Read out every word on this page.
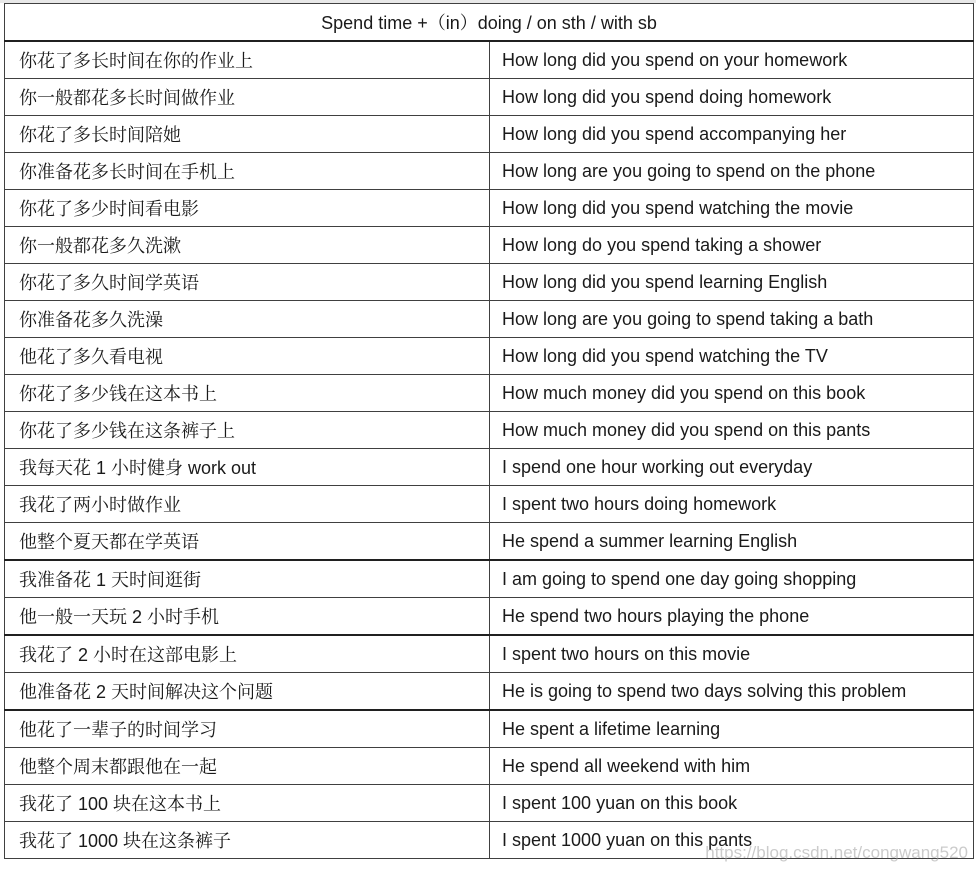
Spend time +（in）doing / on sth / with sb	
你花了多长时间在你的作业上	How long did you spend on your homework
你一般都花多长时间做作业	How long did you spend doing homework
你花了多长时间陪她	How long did you spend accompanying her
你准备花多长时间在手机上	How long are you going to spend on the phone
你花了多少时间看电影	How long did you spend watching the movie
你一般都花多久洗漱	How long do you spend taking a shower
你花了多久时间学英语	How long did you spend learning English
你准备花多久洗澡	How long are you going to spend taking a bath
他花了多久看电视	How long did you spend watching the TV
你花了多少钱在这本书上	How much money did you spend on this book
你花了多少钱在这条裤子上	How much money did you spend on this pants
我每天花 1 小时健身 work out	I spend one hour working out everyday
我花了两小时做作业	I spent two hours doing homework
他整个夏天都在学英语	He spend a summer learning English
我准备花 1 天时间逛街	I am going to spend one day going shopping
他一般一天玩 2 小时手机	He spend two hours playing the phone
我花了 2 小时在这部电影上	I spent two hours on this movie
他准备花 2 天时间解决这个问题	He is going to spend two days solving this problem
他花了一辈子的时间学习	He spent a lifetime learning
他整个周末都跟他在一起	He spend all weekend with him
我花了 100 块在这本书上	I spent 100 yuan on this book
我花了 1000 块在这条裤子	I spent 1000 yuan on this pants
https://blog.csdn.net/congwang520
